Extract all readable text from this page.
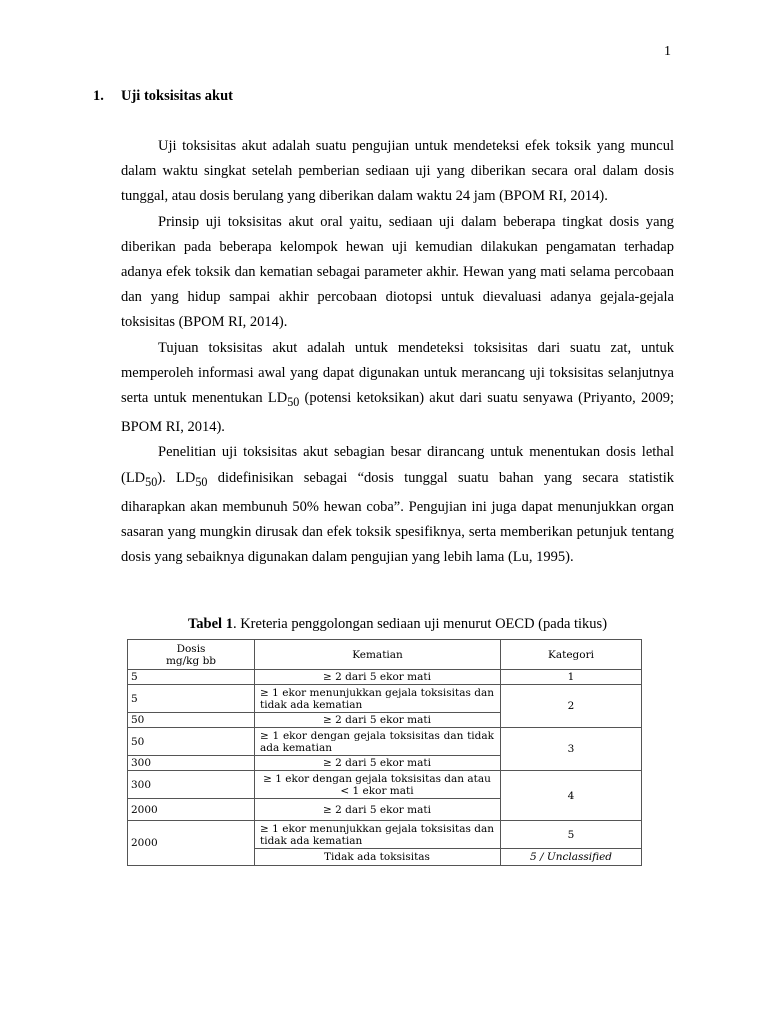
1
1. Uji toksisitas akut

Uji toksisitas akut adalah suatu pengujian untuk mendeteksi efek toksik yang muncul dalam waktu singkat setelah pemberian sediaan uji yang diberikan secara oral dalam dosis tunggal, atau dosis berulang yang diberikan dalam waktu 24 jam (BPOM RI, 2014).

Prinsip uji toksisitas akut oral yaitu, sediaan uji dalam beberapa tingkat dosis yang diberikan pada beberapa kelompok hewan uji kemudian dilakukan pengamatan terhadap adanya efek toksik dan kematian sebagai parameter akhir. Hewan yang mati selama percobaan dan yang hidup sampai akhir percobaan diotopsi untuk dievaluasi adanya gejala-gejala toksisitas (BPOM RI, 2014).

Tujuan toksisitas akut adalah untuk mendeteksi toksisitas dari suatu zat, untuk memperoleh informasi awal yang dapat digunakan untuk merancang uji toksisitas selanjutnya serta untuk menentukan $LD_{50}$ (potensi ketoksikan) akut dari suatu senyawa (Priyanto, 2009; BPOM RI, 2014).

Penelitian uji toksisitas akut sebagian besar dirancang untuk menentukan dosis lethal $(LD_{50})$. $LD_{50}$ didefinisikan sebagai “dosis tunggal suatu bahan yang secara statistik diharapkan akan membunuh 50% hewan coba”. Pengujian ini juga dapat menunjukkan organ sasaran yang mungkin dirusak dan efek toksik spesifiknya, serta memberikan petunjuk tentang dosis yang sebaiknya digunakan dalam pengujian yang lebih lama (Lu, 1995).

Tabel 1. Kreteria penggolongan sediaan uji menurut OECD (pada tikus)
Dosis
mg/kg bb	Kematian	Kategori
5	≥ 2 dari 5 ekor mati	1
5	≥ 1 ekor menunjukkan gejala toksisitas dan tidak ada kematian	2
50	≥ 2 dari 5 ekor mati	
50	≥ 1 ekor dengan gejala toksisitas dan tidak ada kematian	3
300	≥ 2 dari 5 ekor mati	
300	≥ 1 ekor dengan gejala toksisitas dan atau < 1 ekor mati	4
2000	≥ 2 dari 5 ekor mati	
2000	≥ 1 ekor menunjukkan gejala toksisitas dan tidak ada kematian	5
	Tidak ada toksisitas	5 / Unclassified
